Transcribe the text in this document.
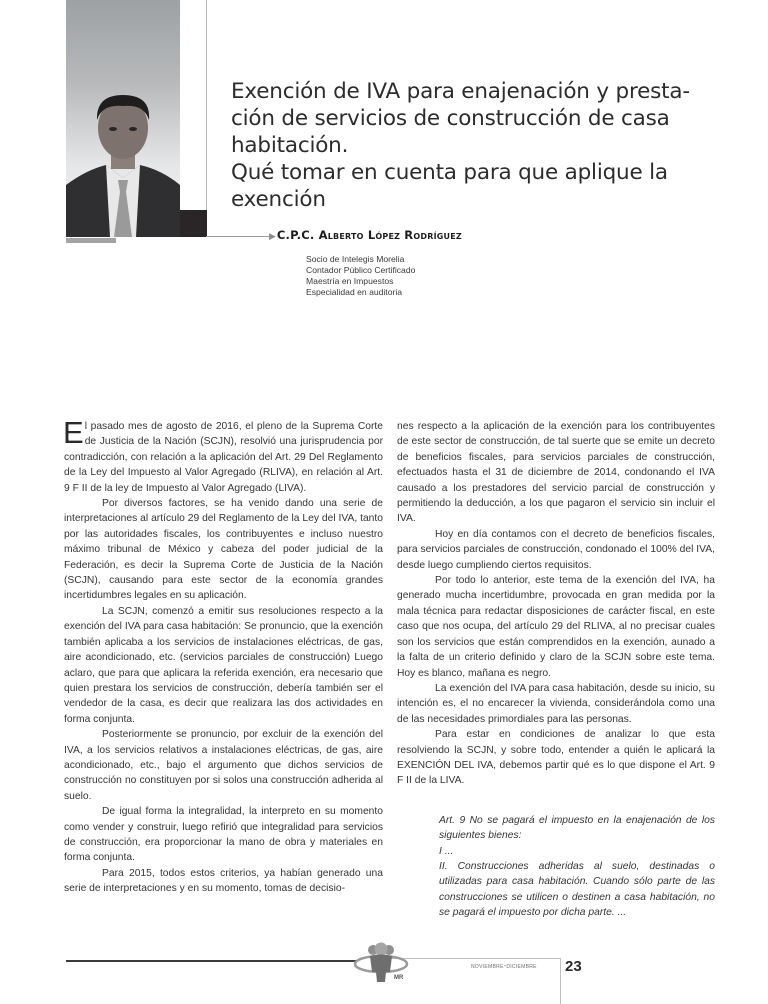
Exención de IVA para enajenación y presta-
ción de servicios de construcción de casa
habitación.
Qué tomar en cuenta para que aplique la
exención
▶C.P.C. Alberto López Rodríguez
Socio de Intelegis Morelia
Contador Público Certificado
Maestría en Impuestos
Especialidad en auditoria

El pasado mes de agosto de 2016, el pleno de la Suprema Corte de Justicia de la Nación (SCJN), resolvió una jurisprudencia por contradicción, con relación a la aplicación del Art. 29 Del Reglamento de la Ley del Impuesto al Valor Agregado (RLIVA), en relación al Art. 9 F II de la ley de Impuesto al Valor Agregado (LIVA).

Por diversos factores, se ha venido dando una serie de interpretaciones al artículo 29 del Reglamento de la Ley del IVA, tanto por las autoridades fiscales, los contribuyentes e incluso nuestro máximo tribunal de México y cabeza del poder judicial de la Federación, es decir la Suprema Corte de Justicia de la Nación (SCJN), causando para este sector de la economía grandes incertidumbres legales en su aplicación.

La SCJN, comenzó a emitir sus resoluciones respecto a la exención del IVA para casa habitación: Se pronuncio, que la exención también aplicaba a los servicios de instalaciones eléctricas, de gas, aire acondicionado, etc. (servicios parciales de construcción) Luego aclaro, que para que aplicara la referida exención, era necesario que quien prestara los servicios de construcción, debería también ser el vendedor de la casa, es decir que realizara las dos actividades en forma conjunta.

Posteriormente se pronuncio, por excluir de la exención del IVA, a los servicios relativos a instalaciones eléctricas, de gas, aire acondicionado, etc., bajo el argumento que dichos servicios de construcción no constituyen por si solos una construcción adherida al suelo.

De igual forma la integralidad, la interpreto en su momento como vender y construir, luego refirió que integralidad para servicios de construcción, era proporcionar la mano de obra y materiales en forma conjunta.

Para 2015, todos estos criterios, ya habían generado una serie de interpretaciones y en su momento, tomas de decisio-

nes respecto a la aplicación de la exención para los contribuyentes de este sector de construcción, de tal suerte que se emite un decreto de beneficios fiscales, para servicios parciales de construcción, efectuados hasta el 31 de diciembre de 2014, condonando el IVA causado a los prestadores del servicio parcial de construcción y permitiendo la deducción, a los que pagaron el servicio sin incluir el IVA.

Hoy en día contamos con el decreto de beneficios fiscales, para servicios parciales de construcción, condonado el 100% del IVA, desde luego cumpliendo ciertos requisitos.

Por todo lo anterior, este tema de la exención del IVA, ha generado mucha incertidumbre, provocada en gran medida por la mala técnica para redactar disposiciones de carácter fiscal, en este caso que nos ocupa, del artículo 29 del RLIVA, al no precisar cuales son los servicios que están comprendidos en la exención, aunado a la falta de un criterio definido y claro de la SCJN sobre este tema. Hoy es blanco, mañana es negro.

La exención del IVA para casa habitación, desde su inicio, su intención es, el no encarecer la vivienda, considerándola como una de las necesidades primordiales para las personas.

Para estar en condiciones de analizar lo que esta resolviendo la SCJN, y sobre todo, entender a quién le aplicará la EXENCIÓN DEL IVA, debemos partir qué es lo que dispone el Art. 9 F II de la LIVA.

Art. 9 No se pagará el impuesto en la enajenación de los siguientes bienes:
I ...
II. Construcciones adheridas al suelo, destinadas o utilizadas para casa habitación. Cuando sólo parte de las construcciones se utilicen o destinen a casa habitación, no se pagará el impuesto por dicha parte. ...
MR
noviembre-diciembre 23
